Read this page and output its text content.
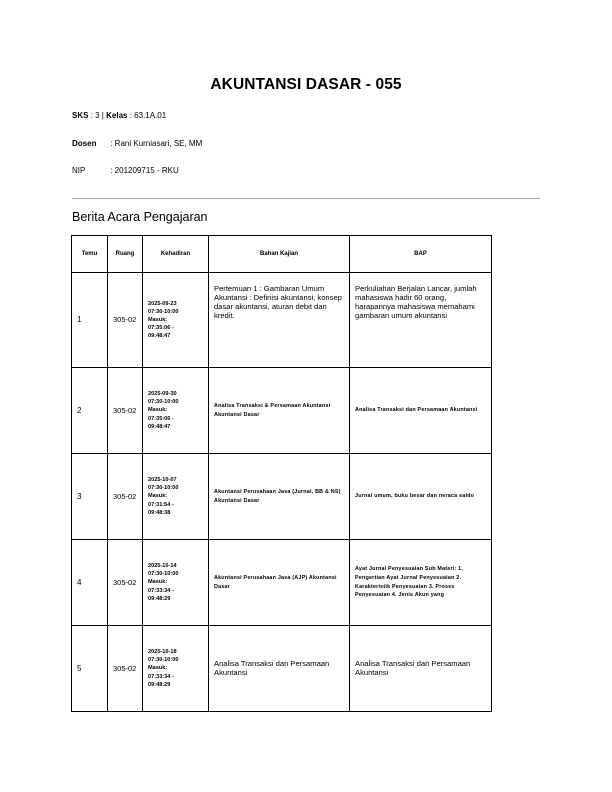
AKUNTANSI DASAR - 055
SKS : 3 | Kelas : 63.1A.01
Dosen : Rani Kurniasari, SE, MM
NIP	: 201209715 - RKU
Berita Acara Pengajaran
Temu	Ruang	Kehadiran	Bahan Kajian	BAP
1	305-02	2025-09-23
07:30-10:00
Masuk:
07:35:06 -
09:48:47	Pertemuan 1 : Gambaran Umum Akuntansi : Definisi akuntansi, konsep dasar akuntansi, aturan debit dan kredit.	Perkuliahan Berjalan Lancar, jumlah mahasiswa hadir 60 orang, harapannya mahasiswa memahami gambaran umum akuntansi
2	305-02	2025-09-30
07:30-10:00
Masuk:
07:35:06 -
09:48:47	Analisa Transaksi & Persamaan Akuntansi Akuntansi Dasar	Analisa Transaksi dan Persamaan Akuntansi
3	305-02	2025-10-07
07:30-10:00
Masuk:
07:31:54 -
09:48:38	Akuntansi Perusahaan Jasa (Jurnal, BB & NS) Akuntansi Dasar	Jurnal umum, buku besar dan neraca saldo
4	305-02	2025-10-14
07:30-10:00
Masuk:
07:33:34 -
09:48:29	Akuntansi Perusahaan Jasa (AJP) Akuntansi Dasar	Ayat Jurnal Penyesuaian Sub Materi: 1. Pengertian Ayat Jurnal Penyesuaian 2. Karakteristik Penyesuaian 3. Proses Penyesuaian 4. Jenis Akun yang
5	305-02	2025-10-18
07:30-10:00
Masuk:
07:33:34 -
09:48:29	Analisa Transaksi dan Persamaan Akuntansi	Analisa Transaksi dan Persamaan Akuntansi
